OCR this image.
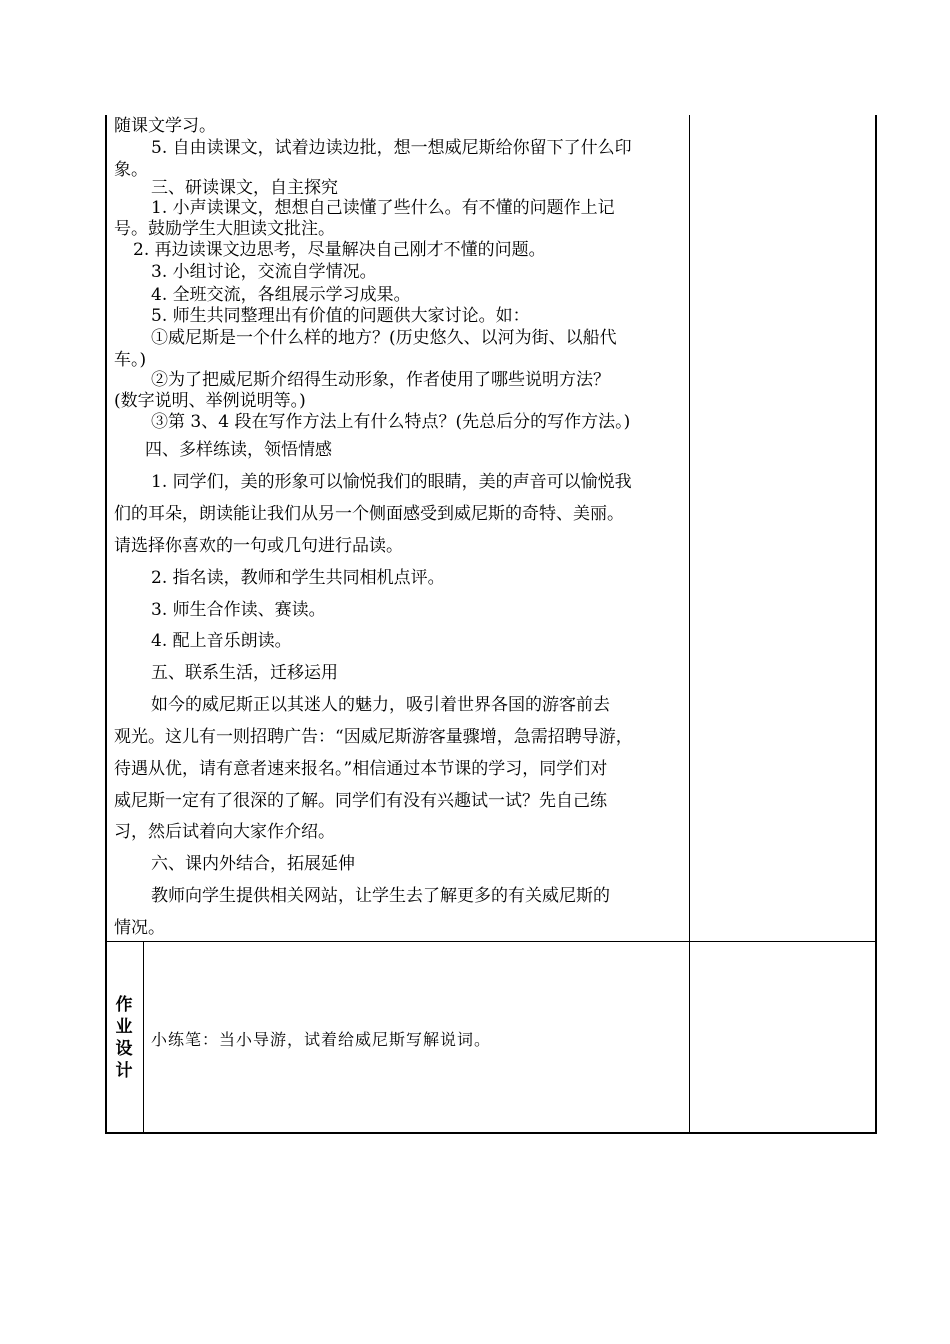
随课文学习。

5. 自由读课文，试着边读边批，想一想威尼斯给你留下了什么印

象。

三、研读课文，自主探究

1. 小声读课文，想想自己读懂了些什么。有不懂的问题作上记

号。鼓励学生大胆读文批注。

2. 再边读课文边思考，尽量解决自己刚才不懂的问题。

3. 小组讨论，交流自学情况。

4. 全班交流，各组展示学习成果。

5. 师生共同整理出有价值的问题供大家讨论。如：

①威尼斯是一个什么样的地方？(历史悠久、以河为街、以船代

车。)

②为了把威尼斯介绍得生动形象，作者使用了哪些说明方法？

(数字说明、举例说明等。)

③第 3、4 段在写作方法上有什么特点？(先总后分的写作方法。)

四、多样练读，领悟情感

1. 同学们，美的形象可以愉悦我们的眼睛，美的声音可以愉悦我

们的耳朵，朗读能让我们从另一个侧面感受到威尼斯的奇特、美丽。

请选择你喜欢的一句或几句进行品读。

2. 指名读，教师和学生共同相机点评。

3. 师生合作读、赛读。

4. 配上音乐朗读。

五、联系生活，迁移运用

如今的威尼斯正以其迷人的魅力，吸引着世界各国的游客前去

观光。这儿有一则招聘广告：“因威尼斯游客量骤增，急需招聘导游，

待遇从优，请有意者速来报名。”相信通过本节课的学习，同学们对

威尼斯一定有了很深的了解。同学们有没有兴趣试一试？先自己练

习，然后试着向大家作介绍。

六、课内外结合，拓展延伸

教师向学生提供相关网站，让学生去了解更多的有关威尼斯的

情况。

作
业
设
计
小练笔：当小导游，试着给威尼斯写解说词。
